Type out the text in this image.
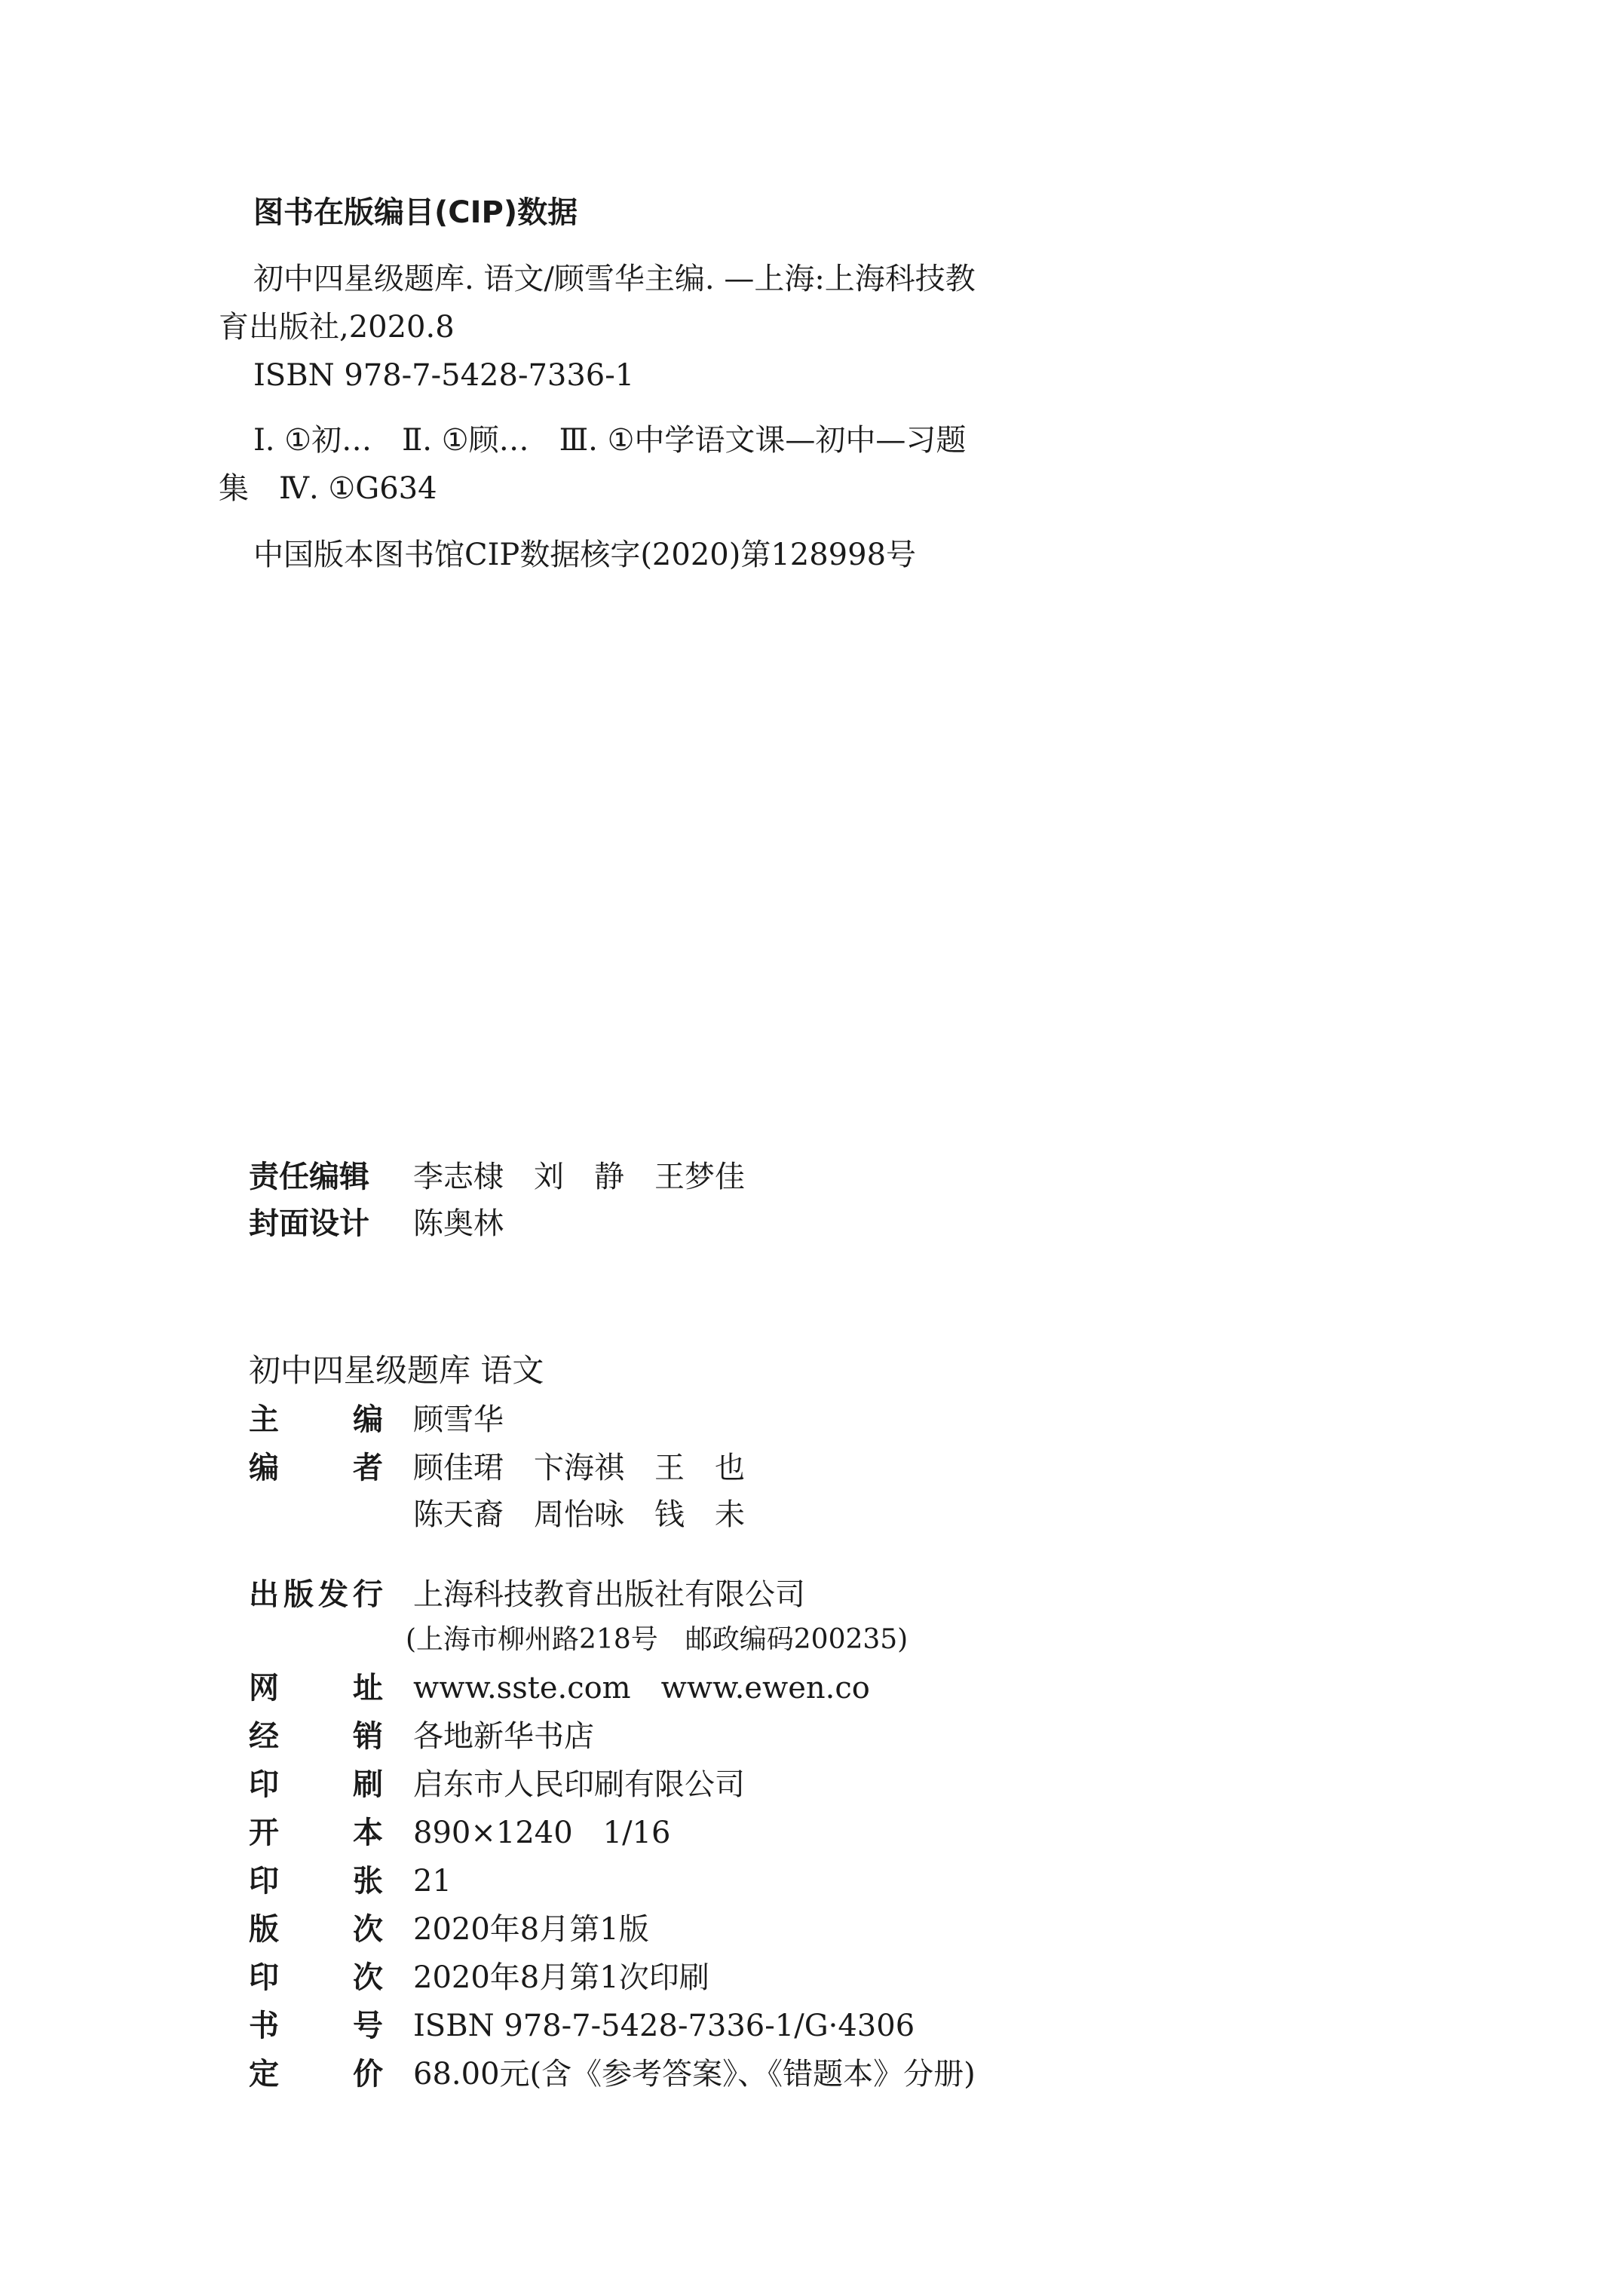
图书在版编目(CIP)数据
初中四星级题库. 语文/顾雪华主编. —上海:上海科技教
育出版社,2020.8
ISBN 978-7-5428-7336-1
Ⅰ. ①初…　Ⅱ. ①顾…　Ⅲ. ①中学语文课—初中—习题
集　Ⅳ. ①G634
中国版本图书馆CIP数据核字(2020)第128998号
责任编辑	李志棣　刘　静　王梦佳
封面设计	陈奥林
初中四星级题库 语文
主 编 顾雪华
编 者 顾佳珺　卞海祺　王　也
陈天裔　周怡咏　钱　未
出 版 发 行 上海科技教育出版社有限公司
(上海市柳州路218号　邮政编码200235)
网 址 www.sste.com　www.ewen.co
经 销 各地新华书店
印 刷 启东市人民印刷有限公司
开 本 890×1240　1/16
印 张 21
版 次 2020年8月第1版
印 次 2020年8月第1次印刷
书 号 ISBN 978-7-5428-7336-1/G·4306
定 价 68.00元(含《参考答案》、《错题本》分册)
